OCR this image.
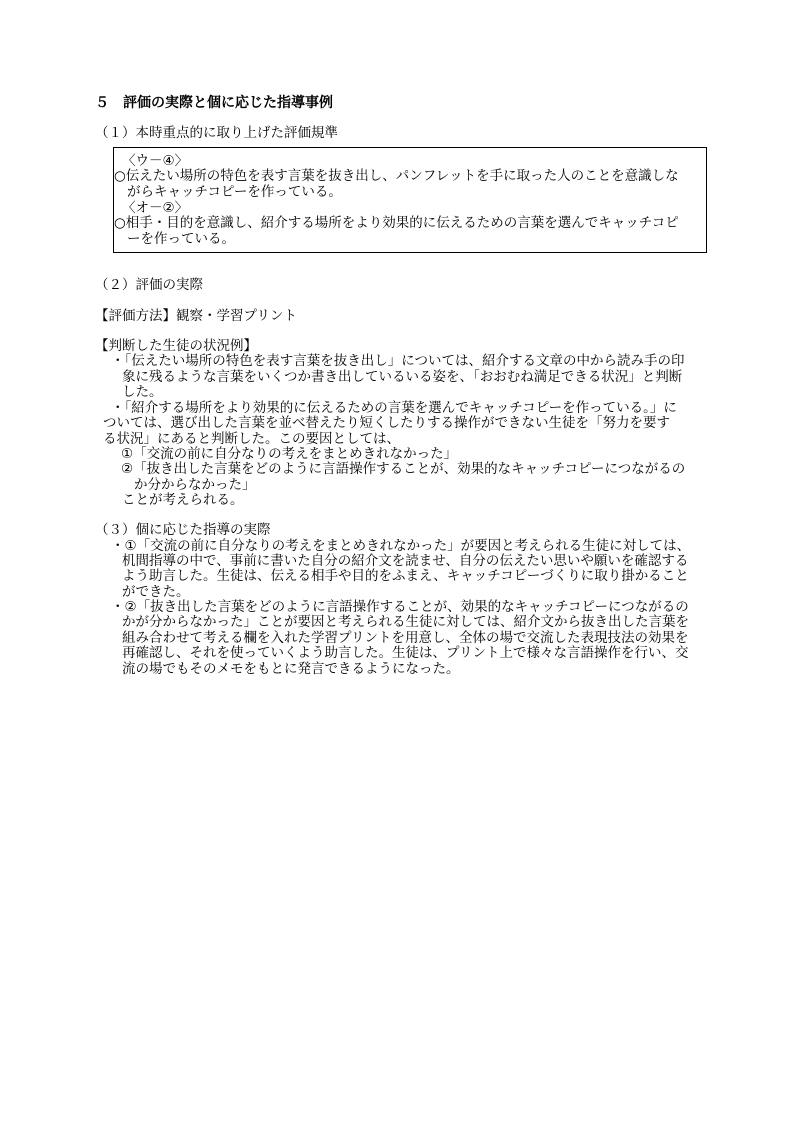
５　評価の実際と個に応じた指導事例
（１）本時重点的に取り上げた評価規準
〈ウ－④〉
○伝えたい場所の特色を表す言葉を抜き出し、パンフレットを手に取った人のことを意識しな
がらキャッチコピーを作っている。
〈オ－②〉
○相手・目的を意識し、紹介する場所をより効果的に伝えるための言葉を選んでキャッチコピ
ーを作っている。
（２）評価の実際
【評価方法】観察・学習プリント
【判断した生徒の状況例】
・「伝えたい場所の特色を表す言葉を抜き出し」については、紹介する文章の中から読み手の印
象に残るような言葉をいくつか書き出しているいる姿を、「おおむね満足できる状況」と判断
した。
・「紹介する場所をより効果的に伝えるための言葉を選んでキャッチコピーを作っている。」に
ついては、選び出した言葉を並べ替えたり短くしたりする操作ができない生徒を「努力を要す
る状況」にあると判断した。この要因としては、
①「交流の前に自分なりの考えをまとめきれなかった」
②「抜き出した言葉をどのように言語操作することが、効果的なキャッチコピーにつながるの
か分からなかった」
ことが考えられる。
（３）個に応じた指導の実際
・①「交流の前に自分なりの考えをまとめきれなかった」が要因と考えられる生徒に対しては、
机間指導の中で、事前に書いた自分の紹介文を読ませ、自分の伝えたい思いや願いを確認する
よう助言した。生徒は、伝える相手や目的をふまえ、キャッチコピーづくりに取り掛かること
ができた。
・②「抜き出した言葉をどのように言語操作することが、効果的なキャッチコピーにつながるの
かが分からなかった」ことが要因と考えられる生徒に対しては、紹介文から抜き出した言葉を
組み合わせて考える欄を入れた学習プリントを用意し、全体の場で交流した表現技法の効果を
再確認し、それを使っていくよう助言した。生徒は、プリント上で様々な言語操作を行い、交
流の場でもそのメモをもとに発言できるようになった。
